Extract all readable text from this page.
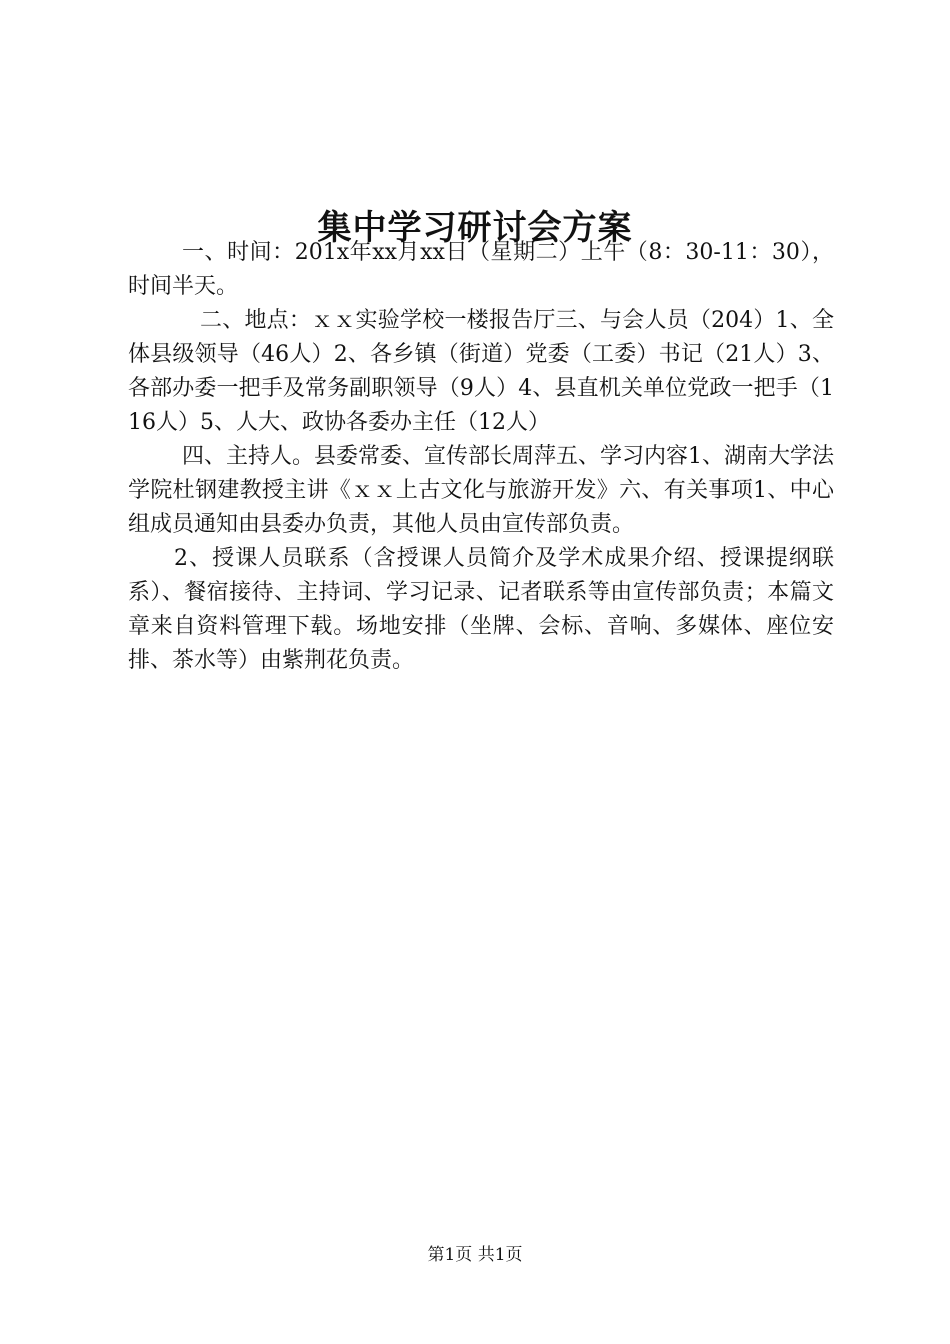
集中学习研讨会方案

一、时间：201x年xx月xx日（星期二）上午（8：30-11：30），时间半天。

二、地点：ｘｘ实验学校一楼报告厅三、与会人员（204）1、全体县级领导（46人）2、各乡镇（街道）党委（工委）书记（21人）3、各部办委一把手及常务副职领导（9人）4、县直机关单位党政一把手（116人）5、人大、政协各委办主任（12人）

四、主持人。县委常委、宣传部长周萍五、学习内容1、湖南大学法学院杜钢建教授主讲《ｘｘ上古文化与旅游开发》六、有关事项1、中心组成员通知由县委办负责，其他人员由宣传部负责。

2、授课人员联系（含授课人员简介及学术成果介绍、授课提纲联系）、餐宿接待、主持词、学习记录、记者联系等由宣传部负责；本篇文章来自资料管理下载。场地安排（坐牌、会标、音响、多媒体、座位安排、茶水等）由紫荆花负责。

第1页 共1页
